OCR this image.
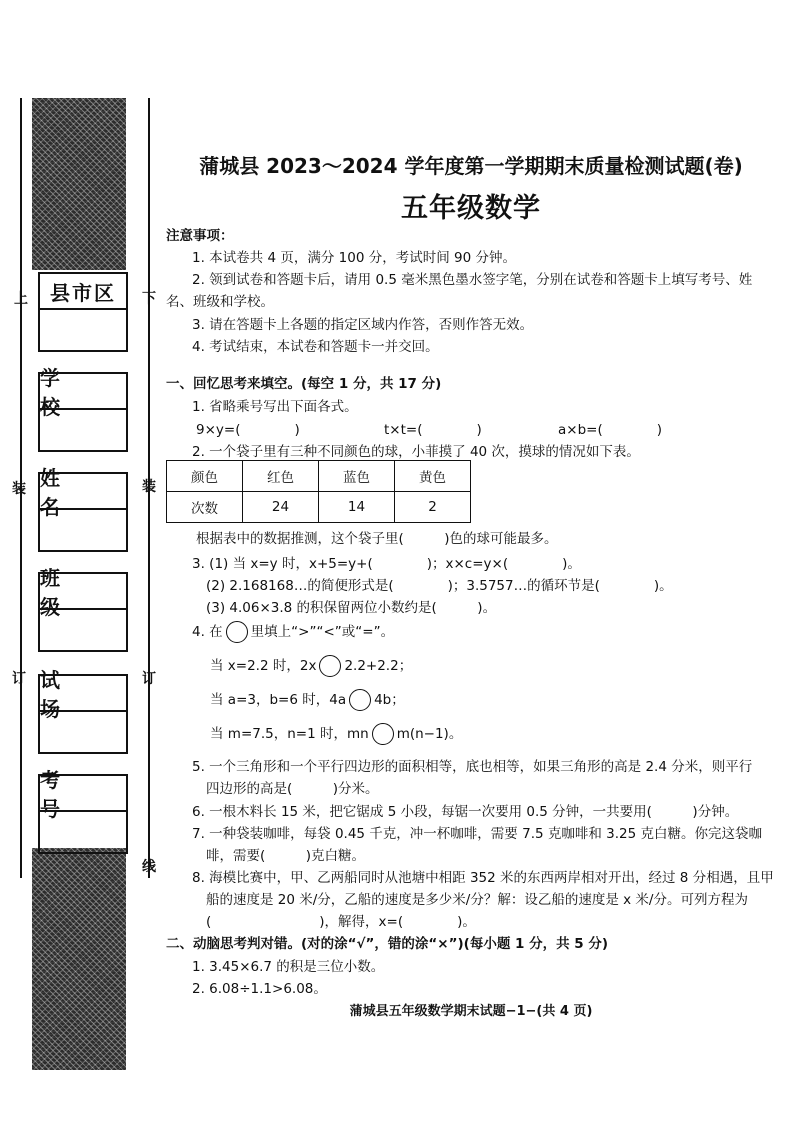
上	下
装
订
装
订
线
县市区
学 校
姓 名
班 级
试 场
考 号
蒲城县 2023～2024 学年度第一学期期末质量检测试题(卷)
五年级数学
注意事项：
1. 本试卷共 4 页，满分 100 分，考试时间 90 分钟。
2. 领到试卷和答题卡后，请用 0.5 毫米黑色墨水签字笔，分别在试卷和答题卡上填写考号、姓
名、班级和学校。
3. 请在答题卡上各题的指定区域内作答，否则作答无效。
4. 考试结束，本试卷和答题卡一并交回。
一、回忆思考来填空。(每空 1 分，共 17 分)
1. 省略乘号写出下面各式。
9×y=(　　　　)	t×t=(　　　　)	a×b=(　　　　)
2. 一个袋子里有三种不同颜色的球，小菲摸了 40 次，摸球的情况如下表。
根据表中的数据推测，这个袋子里(　　　)色的球可能最多。
3. (1) 当 x=y 时，x+5=y+(　　　　)；x×c=y×(　　　　)。
(2) 2.168168…的简便形式是(　　　　)；3.5757…的循环节是(　　　　)。
(3) 4.06×3.8 的积保留两位小数约是(　　　)。
4. 在 里填上“>”“<”或“=”。
当 x=2.2 时，2x 2.2+2.2；
当 a=3，b=6 时，4a 4b；
当 m=7.5，n=1 时，mn m(n−1)。
5. 一个三角形和一个平行四边形的面积相等，底也相等，如果三角形的高是 2.4 分米，则平行
四边形的高是(　　　)分米。
6. 一根木料长 15 米，把它锯成 5 小段，每锯一次要用 0.5 分钟，一共要用(　　　)分钟。
7. 一种袋装咖啡，每袋 0.45 千克，冲一杯咖啡，需要 7.5 克咖啡和 3.25 克白糖。你完这袋咖
啡，需要(　　　)克白糖。
8. 海模比赛中，甲、乙两船同时从池塘中相距 352 米的东西两岸相对开出，经过 8 分相遇，且甲
船的速度是 20 米/分，乙船的速度是多少米/分？解：设乙船的速度是 x 米/分。可列方程为
(　　　　　　　　)，解得，x=(　　　　)。
二、动脑思考判对错。(对的涂“√”，错的涂“×”)(每小题 1 分，共 5 分)
1. 3.45×6.7 的积是三位小数。
2. 6.08÷1.1>6.08。
蒲城县五年级数学期末试题−1−(共 4 页)
颜色	红色	蓝色	黄色
次数	24	14	2
